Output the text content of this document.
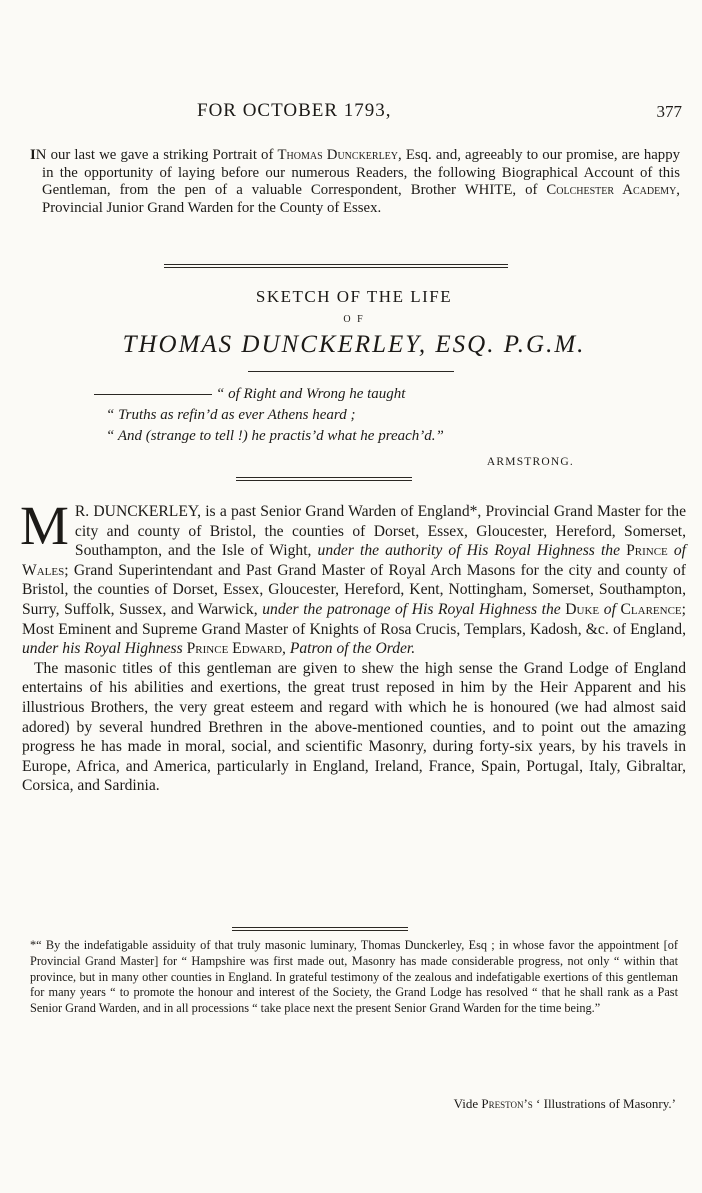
FOR OCTOBER 1793,	377

IN our last we gave a striking Portrait of Thomas Dunckerley, Esq. and, agreeably to our promise, are happy in the opportunity of laying before our numerous Readers, the following Biographical Account of this Gentleman, from the pen of a valuable Correspondent, Brother WHITE, of Colchester Academy, Provincial Junior Grand Warden for the County of Essex.

SKETCH OF THE LIFE
O F
THOMAS DUNCKERLEY, ESQ. P.G.M.
“ of Right and Wrong he taught
“ Truths as refin’d as ever Athens heard ;
“ And (strange to tell !) he practis’d what he preach’d.”
ARMSTRONG.

M R. DUNCKERLEY, is a past Senior Grand Warden of England*, Provincial Grand Master for the city and county of Bristol, the counties of Dorset, Essex, Gloucester, Hereford, Somerset, Southampton, and the Isle of Wight, under the authority of His Royal Highness the Prince of Wales; Grand Superintendant and Past Grand Master of Royal Arch Masons for the city and county of Bristol, the counties of Dorset, Essex, Gloucester, Hereford, Kent, Nottingham, Somerset, Southampton, Surry, Suffolk, Sussex, and Warwick, under the patronage of His Royal Highness the Duke of Clarence; Most Eminent and Supreme Grand Master of Knights of Rosa Crucis, Templars, Kadosh, &c. of England, under his Royal Highness Prince Edward, Patron of the Order.

The masonic titles of this gentleman are given to shew the high sense the Grand Lodge of England entertains of his abilities and exertions, the great trust reposed in him by the Heir Apparent and his illustrious Brothers, the very great esteem and regard with which he is honoured (we had almost said adored) by several hundred Brethren in the above-mentioned counties, and to point out the amazing progress he has made in moral, social, and scientific Masonry, during forty-six years, by his travels in Europe, Africa, and America, particularly in England, Ireland, France, Spain, Portugal, Italy, Gibraltar, Corsica, and Sardinia.

*“ By the indefatigable assiduity of that truly masonic luminary, Thomas Dunckerley, Esq ; in whose favor the appointment [of Provincial Grand Master] for “ Hampshire was first made out, Masonry has made considerable progress, not only “ within that province, but in many other counties in England. In grateful testimony of the zealous and indefatigable exertions of this gentleman for many years “ to promote the honour and interest of the Society, the Grand Lodge has resolved “ that he shall rank as a Past Senior Grand Warden, and in all processions “ take place next the present Senior Grand Warden for the time being.”

Vide Preston’s ‘ Illustrations of Masonry.’
